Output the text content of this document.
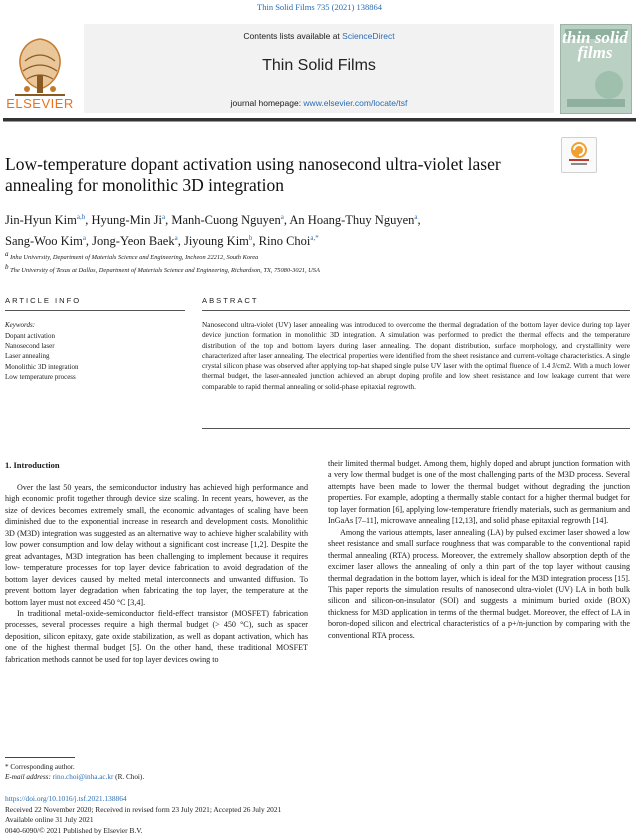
Thin Solid Films 735 (2021) 138864
ELSEVIER
Contents lists available at ScienceDirect
Thin Solid Films
journal homepage: www.elsevier.com/locate/tsf
thin solid films
Low-temperature dopant activation using nanosecond ultra-violet laser annealing for monolithic 3D integration
Jin-Hyun Kim$^{a,b}$, Hyung-Min Ji$^a$, Manh-Cuong Nguyen$^a$, An Hoang-Thuy Nguyen$^a$,
Sang-Woo Kim$^a$, Jong-Yeon Baek$^a$, Jiyoung Kim$^b$, Rino Choi$^{a,*}$
$^a$ Inha University, Department of Materials Science and Engineering, Incheon 22212, South Korea
$^b$ The University of Texas at Dallas, Department of Materials Science and Engineering, Richardson, TX, 75080-3021, USA
ARTICLE INFO
Keywords:
Dopant activation
Nanosecond laser
Laser annealing
Monolithic 3D integration
Low temperature process
ABSTRACT
Nanosecond ultra-violet (UV) laser annealing was introduced to overcome the thermal degradation of the bottom layer device during top layer device junction formation in monolithic 3D integration. A simulation was performed to predict the thermal effects and the temperature distribution of the top and bottom layers during laser annealing. The dopant distribution, surface morphology, and crystallinity were characterized after laser annealing. The electrical properties were identified from the sheet resistance and current-voltage characteristics. A single crystal silicon phase was observed after applying top-hat shaped single pulse UV laser with the optimal fluence of 1.4 J/cm2. With a much lower thermal budget, the laser-annealed junction achieved an abrupt doping profile and low sheet resistance and low leakage current that were comparable to rapid thermal annealing or solid-phase epitaxial regrowth.
1. Introduction

Over the last 50 years, the semiconductor industry has achieved high performance and high economic profit together through device size scaling. In recent years, however, as the size of devices becomes extremely small, the economic advantages of scaling have been diminished due to the exponential increase in research and development costs. Monolithic 3D (M3D) integration was suggested as an alternative way to achieve higher scalability with low power consumption and low delay without a significant cost increase [1,2]. Despite the great advantages, M3D integration has been challenging to implement because it requires low- temperature processes for top layer device fabrication to avoid degradation of the bottom layer devices caused by melted metal interconnects and unwanted diffusion. To prevent bottom layer degradation when fabricating the top layer, the temperature at the bottom layer must not exceed 450 °C [3,4].

In traditional metal-oxide-semiconductor field-effect transistor (MOSFET) fabrication processes, several processes require a high thermal budget (> 450 °C), such as spacer deposition, silicon epitaxy, gate oxide stabilization, as well as dopant activation, which has one of the highest thermal budget [5]. On the other hand, these traditional MOSFET fabrication methods cannot be used for top layer devices owing to

their limited thermal budget. Among them, highly doped and abrupt junction formation with a very low thermal budget is one of the most challenging parts of the M3D process. Several attempts have been made to lower the thermal budget without degrading the junction properties. For example, adopting a thermally stable contact for a higher thermal budget for top layer formation [6], applying low-temperature friendly materials, such as germanium and InGaAs [7–11], microwave annealing [12,13], and solid phase epitaxial regrowth [14].

Among the various attempts, laser annealing (LA) by pulsed excimer laser showed a low sheet resistance and small surface roughness that was comparable to the conventional rapid thermal annealing (RTA) process. Moreover, the extremely shallow absorption depth of the excimer laser allows the annealing of only a thin part of the top layer without causing thermal degradation in the bottom layer, which is ideal for the M3D integration process [15]. This paper reports the simulation results of nanosecond ultra-violet (UV) LA in both bulk silicon and silicon-on-insulator (SOI) and suggests a minimum buried oxide (BOX) thickness for M3D application in terms of the thermal budget. Moreover, the effect of LA in boron-doped silicon and electrical characteristics of a p+/n-junction by comparing with the conventional RTA process.

* Corresponding author.
E-mail address: rino.choi@inha.ac.kr (R. Choi).
https://doi.org/10.1016/j.tsf.2021.138864
Received 22 November 2020; Received in revised form 23 July 2021; Accepted 26 July 2021
Available online 31 July 2021
0040-6090/© 2021 Published by Elsevier B.V.
